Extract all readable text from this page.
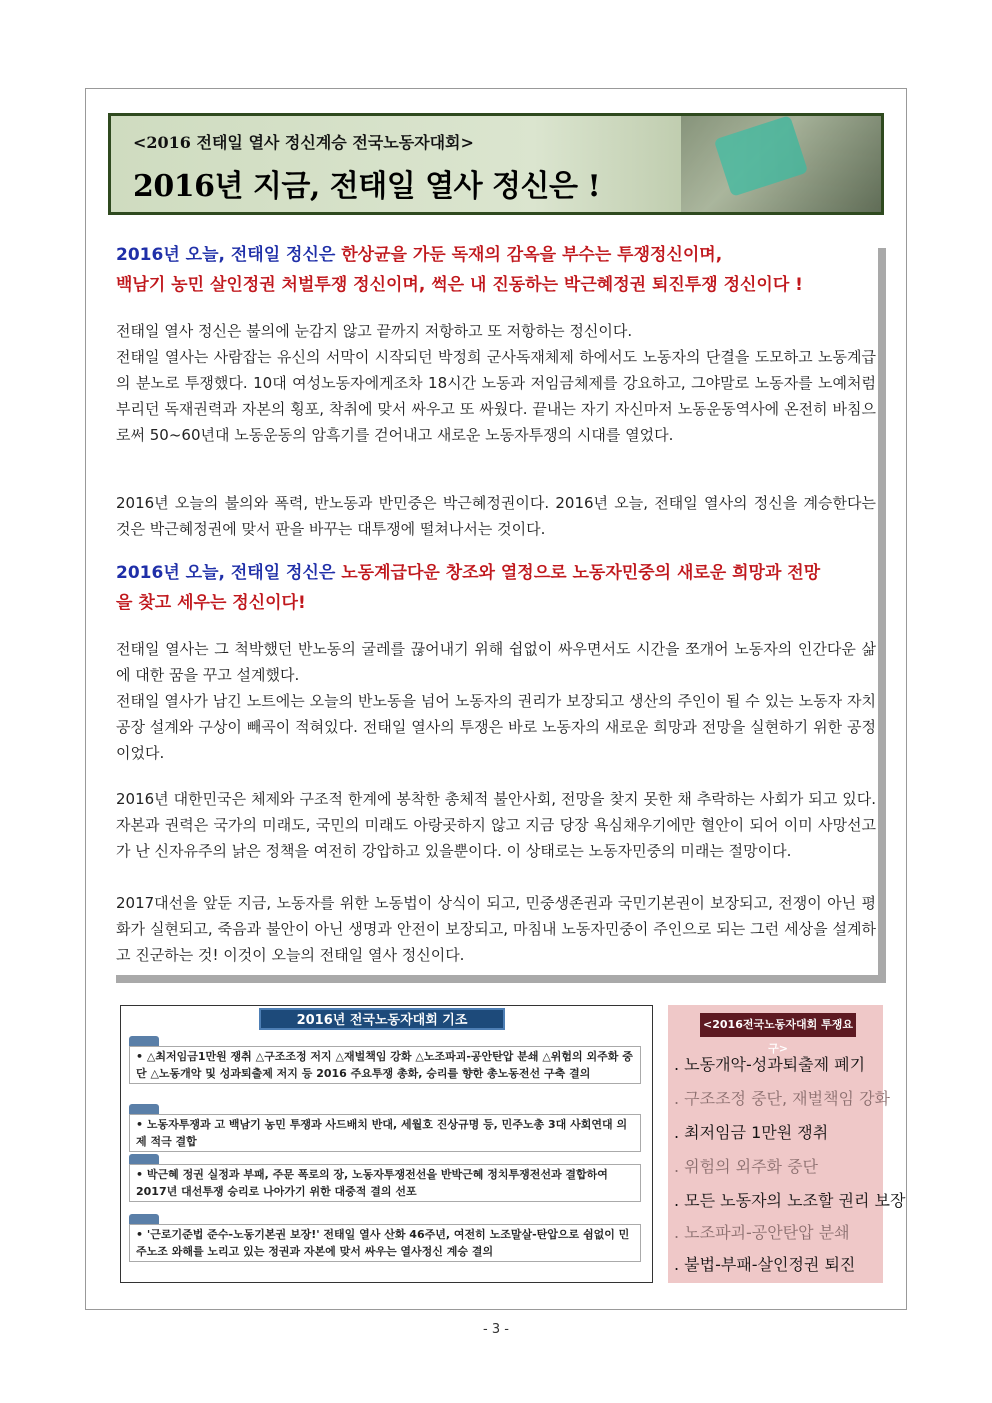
<2016 전태일 열사 정신계승 전국노동자대회>
2016년 지금, 전태일 열사 정신은 !
2016년 오늘, 전태일 정신은 한상균을 가둔 독재의 감옥을 부수는 투쟁정신이며,
백남기 농민 살인정권 처벌투쟁 정신이며, 썩은 내 진동하는 박근혜정권 퇴진투쟁 정신이다 !
전태일 열사 정신은 불의에 눈감지 않고 끝까지 저항하고 또 저항하는 정신이다.
전태일 열사는 사람잡는 유신의 서막이 시작되던 박정희 군사독재체제 하에서도 노동자의 단결을 도모하고 노동계급의 분노로 투쟁했다. 10대 여성노동자에게조차 18시간 노동과 저임금체제를 강요하고, 그야말로 노동자를 노예처럼 부리던 독재권력과 자본의 횡포, 착취에 맞서 싸우고 또 싸웠다. 끝내는 자기 자신마저 노동운동역사에 온전히 바침으로써 50~60년대 노동운동의 암흑기를 걷어내고 새로운 노동자투쟁의 시대를 열었다.
2016년 오늘의 불의와 폭력, 반노동과 반민중은 박근혜정권이다. 2016년 오늘, 전태일 열사의 정신을 계승한다는 것은 박근혜정권에 맞서 판을 바꾸는 대투쟁에 떨쳐나서는 것이다.
2016년 오늘, 전태일 정신은 노동계급다운 창조와 열정으로 노동자민중의 새로운 희망과 전망
을 찾고 세우는 정신이다!
전태일 열사는 그 척박했던 반노동의 굴레를 끊어내기 위해 쉽없이 싸우면서도 시간을 쪼개어 노동자의 인간다운 삶에 대한 꿈을 꾸고 설계했다.
전태일 열사가 남긴 노트에는 오늘의 반노동을 넘어 노동자의 권리가 보장되고 생산의 주인이 될 수 있는 노동자 자치 공장 설계와 구상이 빼곡이 적혀있다. 전태일 열사의 투쟁은 바로 노동자의 새로운 희망과 전망을 실현하기 위한 공정이었다.
2016년 대한민국은 체제와 구조적 한계에 봉착한 총체적 불안사회, 전망을 찾지 못한 채 추락하는 사회가 되고 있다. 자본과 권력은 국가의 미래도, 국민의 미래도 아랑곳하지 않고 지금 당장 욕심채우기에만 혈안이 되어 이미 사망선고가 난 신자유주의 낡은 정책을 여전히 강압하고 있을뿐이다. 이 상태로는 노동자민중의 미래는 절망이다.
2017대선을 앞둔 지금, 노동자를 위한 노동법이 상식이 되고, 민중생존권과 국민기본권이 보장되고, 전쟁이 아닌 평화가 실현되고, 죽음과 불안이 아닌 생명과 안전이 보장되고, 마침내 노동자민중이 주인으로 되는 그런 세상을 설계하고 진군하는 것! 이것이 오늘의 전태일 열사 정신이다.
2016년 전국노동자대회 기조
• △최저임금1만원 쟁취 △구조조정 저지 △재벌책임 강화 △노조파괴-공안탄압 분쇄 △위험의 외주화 중단 △노동개악 및 성과퇴출제 저지 등 2016 주요투쟁 총화, 승리를 향한 총노동전선 구축 결의
• 노동자투쟁과 고 백남기 농민 투쟁과 사드배치 반대, 세월호 진상규명 등, 민주노총 3대 사회연대 의제 적극 결합
• 박근혜 정권 실정과 부패, 주문 폭로의 장, 노동자투쟁전선을 반박근혜 정치투쟁전선과 결합하여 2017년 대선투쟁 승리로 나아가기 위한 대중적 결의 선포
• '근로기준법 준수-노동기본권 보장!' 전태일 열사 산화 46주년, 여전히 노조말살-탄압으로 쉼없이 민주노조 와해를 노리고 있는 정권과 자본에 맞서 싸우는 열사정신 계승 결의
<2016전국노동자대회 투쟁요구>
. 노동개악-성과퇴출제 폐기
. 구조조정 중단, 재벌책임 강화
. 최저임금 1만원 쟁취
. 위험의 외주화 중단
. 모든 노동자의 노조할 권리 보장
. 노조파괴-공안탄압 분쇄
. 불법-부패-살인정권 퇴진
- 3 -
